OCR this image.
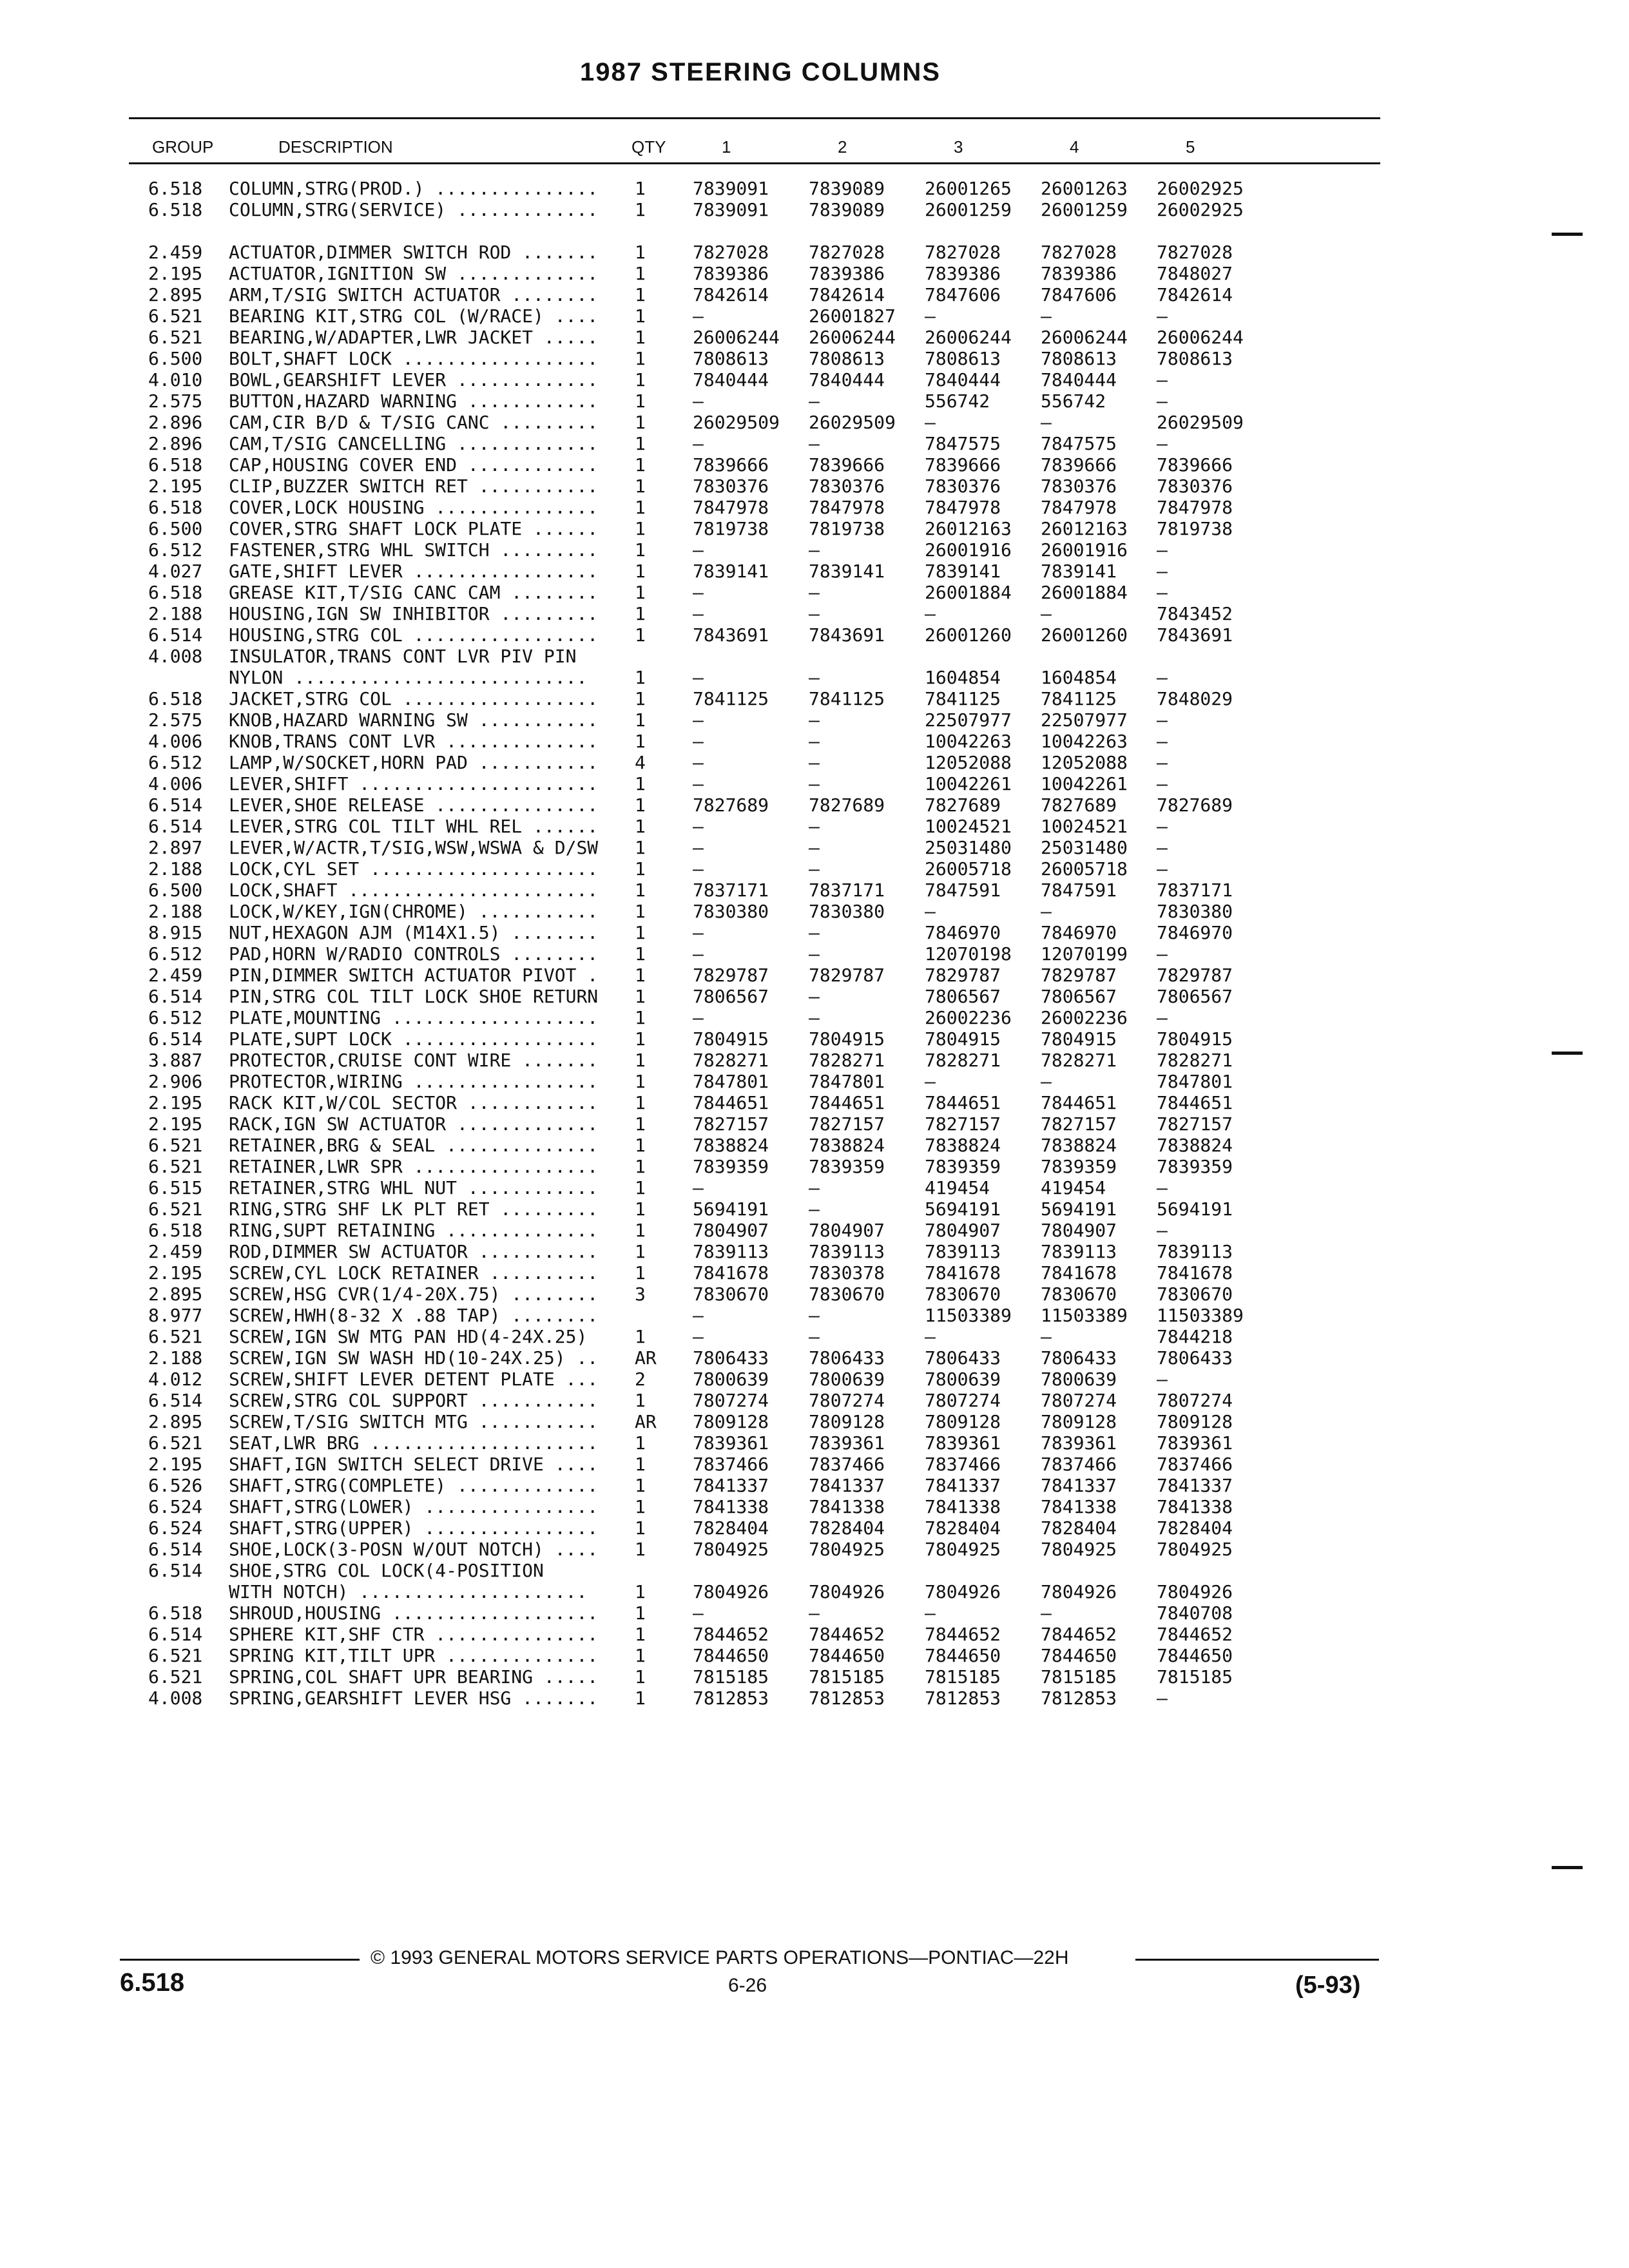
1987 STEERING COLUMNS
GROUP	DESCRIPTION	QTY	1	2	3	4	5
6.518 COLUMN,STRG(PROD.) ............... 1	7839091 7839089 26001265 26001263 26002925
6.518 COLUMN,STRG(SERVICE) ............. 1	7839091 7839089 26001259 26001259 26002925
2.459 ACTUATOR,DIMMER SWITCH ROD ....... 1	7827028 7827028 7827028 7827028 7827028
2.195 ACTUATOR,IGNITION SW ............. 1	7839386 7839386 7839386 7839386 7848027
2.895 ARM,T/SIG SWITCH ACTUATOR ........ 1	7842614 7842614 7847606 7847606 7842614
6.521 BEARING KIT,STRG COL (W/RACE) .... 1	—	26001827 —	—	—
6.521 BEARING,W/ADAPTER,LWR JACKET ..... 1	26006244 26006244 26006244 26006244 26006244
6.500 BOLT,SHAFT LOCK .................. 1	7808613 7808613 7808613 7808613 7808613
4.010 BOWL,GEARSHIFT LEVER ............. 1	7840444 7840444 7840444 7840444 —
2.575 BUTTON,HAZARD WARNING ............ 1	—	—	556742	556742	—
2.896 CAM,CIR B/D & T/SIG CANC ......... 1	26029509 26029509 —	—	26029509
2.896 CAM,T/SIG CANCELLING ............. 1	—	—	7847575 7847575 —
6.518 CAP,HOUSING COVER END ............ 1	7839666 7839666 7839666 7839666 7839666
2.195 CLIP,BUZZER SWITCH RET ........... 1	7830376 7830376 7830376 7830376 7830376
6.518 COVER,LOCK HOUSING ............... 1	7847978 7847978 7847978 7847978 7847978
6.500 COVER,STRG SHAFT LOCK PLATE ...... 1	7819738 7819738 26012163 26012163 7819738
6.512 FASTENER,STRG WHL SWITCH ......... 1	—	—	26001916 26001916 —
4.027 GATE,SHIFT LEVER ................. 1	7839141 7839141 7839141 7839141 —
6.518 GREASE KIT,T/SIG CANC CAM ........ 1	—	—	26001884 26001884 —
2.188 HOUSING,IGN SW INHIBITOR ......... 1	—	—	—	—	7843452
6.514 HOUSING,STRG COL ................. 1	7843691 7843691 26001260 26001260 7843691
4.008 INSULATOR,TRANS CONT LVR PIV PIN
NYLON ...........................	1	—	—	1604854 1604854 —
6.518 JACKET,STRG COL .................. 1	7841125 7841125 7841125 7841125 7848029
2.575 KNOB,HAZARD WARNING SW ........... 1	—	—	22507977 22507977 —
4.006 KNOB,TRANS CONT LVR .............. 1	—	—	10042263 10042263 —
6.512 LAMP,W/SOCKET,HORN PAD ........... 4	—	—	12052088 12052088 —
4.006 LEVER,SHIFT ...................... 1	—	—	10042261 10042261 —
6.514 LEVER,SHOE RELEASE ............... 1	7827689 7827689 7827689 7827689 7827689
6.514 LEVER,STRG COL TILT WHL REL ...... 1	—	—	10024521 10024521 —
2.897 LEVER,W/ACTR,T/SIG,WSW,WSWA & D/SW 1	—	—	25031480 25031480 —
2.188 LOCK,CYL SET ..................... 1	—	—	26005718 26005718 —
6.500 LOCK,SHAFT ....................... 1	7837171 7837171 7847591 7847591 7837171
2.188 LOCK,W/KEY,IGN(CHROME) ........... 1	7830380 7830380 —	—	7830380
8.915 NUT,HEXAGON AJM (M14X1.5) ........ 1	—	—	7846970 7846970 7846970
6.512 PAD,HORN W/RADIO CONTROLS ........ 1	—	—	12070198 12070199 —
2.459 PIN,DIMMER SWITCH ACTUATOR PIVOT . 1	7829787 7829787 7829787 7829787 7829787
6.514 PIN,STRG COL TILT LOCK SHOE RETURN 1	7806567 —	7806567 7806567 7806567
6.512 PLATE,MOUNTING ................... 1	—	—	26002236 26002236 —
6.514 PLATE,SUPT LOCK .................. 1	7804915 7804915 7804915 7804915 7804915
3.887 PROTECTOR,CRUISE CONT WIRE ....... 1	7828271 7828271 7828271 7828271 7828271
2.906 PROTECTOR,WIRING ................. 1	7847801 7847801 —	—	7847801
2.195 RACK KIT,W/COL SECTOR ............ 1	7844651 7844651 7844651 7844651 7844651
2.195 RACK,IGN SW ACTUATOR ............. 1	7827157 7827157 7827157 7827157 7827157
6.521 RETAINER,BRG & SEAL .............. 1	7838824 7838824 7838824 7838824 7838824
6.521 RETAINER,LWR SPR ................. 1	7839359 7839359 7839359 7839359 7839359
6.515 RETAINER,STRG WHL NUT ............ 1	—	—	419454	419454	—
6.521 RING,STRG SHF LK PLT RET ......... 1	5694191 —	5694191 5694191 5694191
6.518 RING,SUPT RETAINING .............. 1	7804907 7804907 7804907 7804907 —
2.459 ROD,DIMMER SW ACTUATOR ........... 1	7839113 7839113 7839113 7839113 7839113
2.195 SCREW,CYL LOCK RETAINER .......... 1	7841678 7830378 7841678 7841678 7841678
2.895 SCREW,HSG CVR(1/4-20X.75) ........ 3	7830670 7830670 7830670 7830670 7830670
8.977 SCREW,HWH(8-32 X .88 TAP) ........	—	—	11503389 11503389 11503389
6.521 SCREW,IGN SW MTG PAN HD(4-24X.25)	1	—	—	—	—	7844218
2.188 SCREW,IGN SW WASH HD(10-24X.25) .. AR 7806433 7806433 7806433 7806433 7806433
4.012 SCREW,SHIFT LEVER DETENT PLATE ... 2	7800639 7800639 7800639 7800639 —
6.514 SCREW,STRG COL SUPPORT ........... 1	7807274 7807274 7807274 7807274 7807274
2.895 SCREW,T/SIG SWITCH MTG ........... AR 7809128 7809128 7809128 7809128 7809128
6.521 SEAT,LWR BRG ..................... 1	7839361 7839361 7839361 7839361 7839361
2.195 SHAFT,IGN SWITCH SELECT DRIVE .... 1	7837466 7837466 7837466 7837466 7837466
6.526 SHAFT,STRG(COMPLETE) ............. 1	7841337 7841337 7841337 7841337 7841337
6.524 SHAFT,STRG(LOWER) ................ 1	7841338 7841338 7841338 7841338 7841338
6.524 SHAFT,STRG(UPPER) ................ 1	7828404 7828404 7828404 7828404 7828404
6.514 SHOE,LOCK(3-POSN W/OUT NOTCH) .... 1	7804925 7804925 7804925 7804925 7804925
6.514 SHOE,STRG COL LOCK(4-POSITION
WITH NOTCH) .....................	1	7804926 7804926 7804926 7804926 7804926
6.518 SHROUD,HOUSING ................... 1	—	—	—	—	7840708
6.514 SPHERE KIT,SHF CTR ............... 1	7844652 7844652 7844652 7844652 7844652
6.521 SPRING KIT,TILT UPR .............. 1	7844650 7844650 7844650 7844650 7844650
6.521 SPRING,COL SHAFT UPR BEARING ..... 1	7815185 7815185 7815185 7815185 7815185
4.008 SPRING,GEARSHIFT LEVER HSG ....... 1	7812853 7812853 7812853 7812853 —
© 1993 GENERAL MOTORS SERVICE PARTS OPERATIONS—PONTIAC—22H
6.518	6-26	(5-93)
